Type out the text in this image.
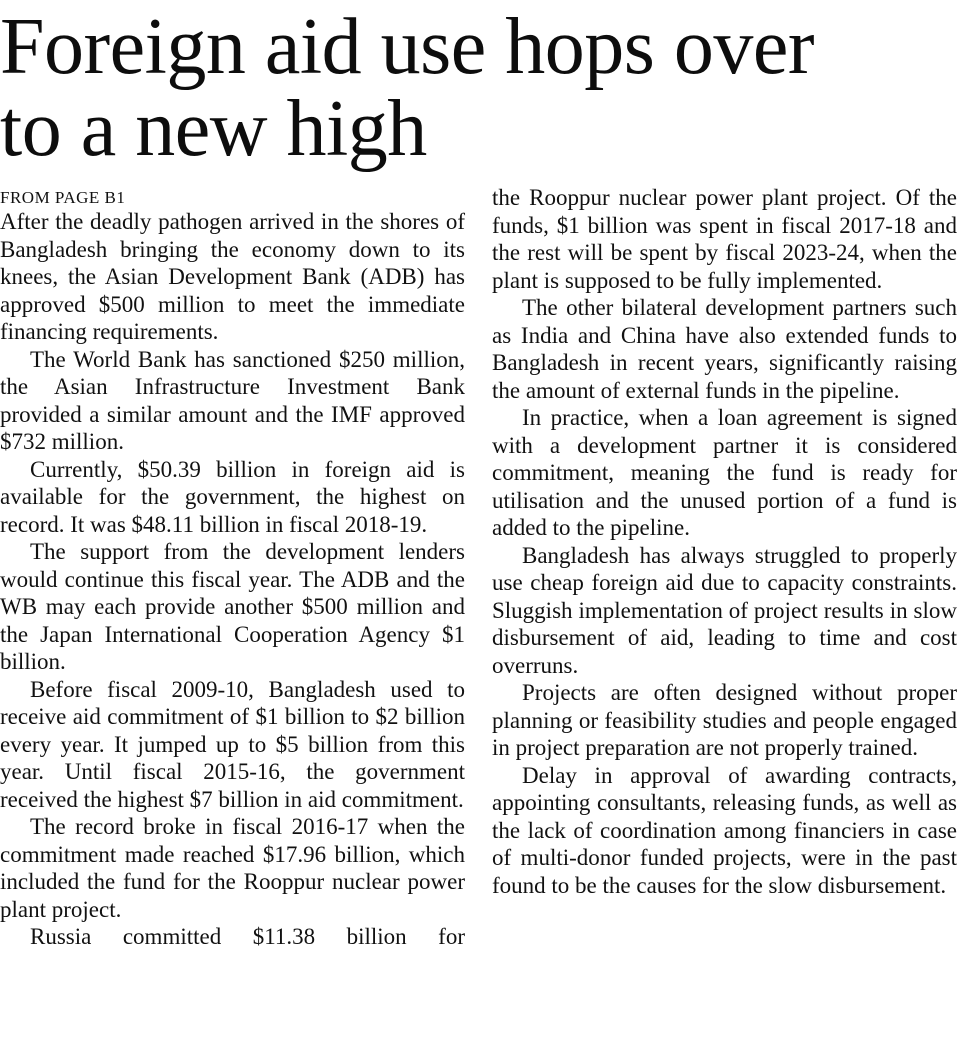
Foreign aid use hops over
to a new high

FROM PAGE B1

After the deadly pathogen arrived in the shores of Bangladesh bringing the economy down to its knees, the Asian Development Bank (ADB) has approved $500 million to meet the immediate financing requirements.

The World Bank has sanctioned $250 million, the Asian Infrastructure Investment Bank provided a similar amount and the IMF approved $732 million.

Currently, $50.39 billion in foreign aid is available for the government, the highest on record. It was $48.11 billion in fiscal 2018-19.

The support from the development lenders would continue this fiscal year. The ADB and the WB may each provide another $500 million and the Japan International Cooperation Agency $1 billion.

Before fiscal 2009-10, Bangladesh used to receive aid commitment of $1 billion to $2 billion every year. It jumped up to $5 billion from this year. Until fiscal 2015-16, the government received the highest $7 billion in aid commitment.

The record broke in fiscal 2016-17 when the commitment made reached $17.96 billion, which included the fund for the Rooppur nuclear power plant project.

Russia committed $11.38 billion for

the Rooppur nuclear power plant project. Of the funds, $1 billion was spent in fiscal 2017-18 and the rest will be spent by fiscal 2023-24, when the plant is supposed to be fully implemented.

The other bilateral development partners such as India and China have also extended funds to Bangladesh in recent years, significantly raising the amount of external funds in the pipeline.

In practice, when a loan agreement is signed with a development partner it is considered commitment, meaning the fund is ready for utilisation and the unused portion of a fund is added to the pipeline.

Bangladesh has always struggled to properly use cheap foreign aid due to capacity constraints. Sluggish implementation of project results in slow disbursement of aid, leading to time and cost overruns.

Projects are often designed without proper planning or feasibility studies and people engaged in project preparation are not properly trained.

Delay in approval of awarding contracts, appointing consultants, releasing funds, as well as the lack of coordination among financiers in case of multi-donor funded projects, were in the past found to be the causes for the slow disbursement.
